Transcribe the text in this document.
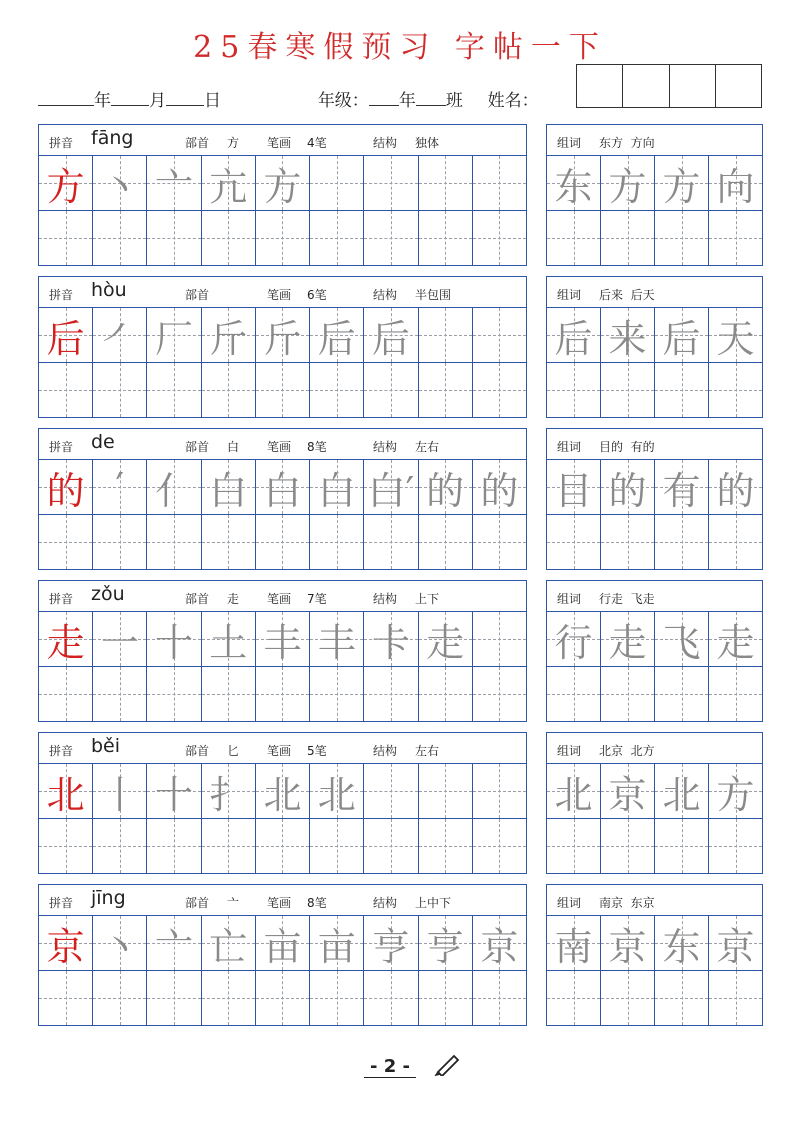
25春寒假预习 字帖一下
年 月 日	年级： 年 班 姓名：
拼音 fāng	部首 方 笔画 4笔	结构 独体
方 丶 亠 亢 方
组词 东方  方向
东 方 方 向
拼音 hòu	部首	笔画 6笔	结构 半包围
后 ㇒ 厂 斤 斤 后 后
组词 后来  后天
后 来 后 天
拼音 de	部首 白 笔画 8笔	结构 左右
的 ′ 亻 白 白 白 白′ 的 的
组词 目的  有的
目 的 有 的
拼音 zǒu	部首 走 笔画 7笔	结构 上下
走 一 十 土 丰 丰 卡 走
组词 行走  飞走
行 走 飞 走
拼音 běi	部首 匕 笔画 5笔	结构 左右
北 丨 十 扌 北 北
组词 北京  北方
北 京 北 方
拼音 jīng	部首 亠 笔画 8笔	结构 上中下
京 丶 亠 亡 亩 亩 亨 亨 京
组词 南京  东京
南 京 东 京
- 2 -
